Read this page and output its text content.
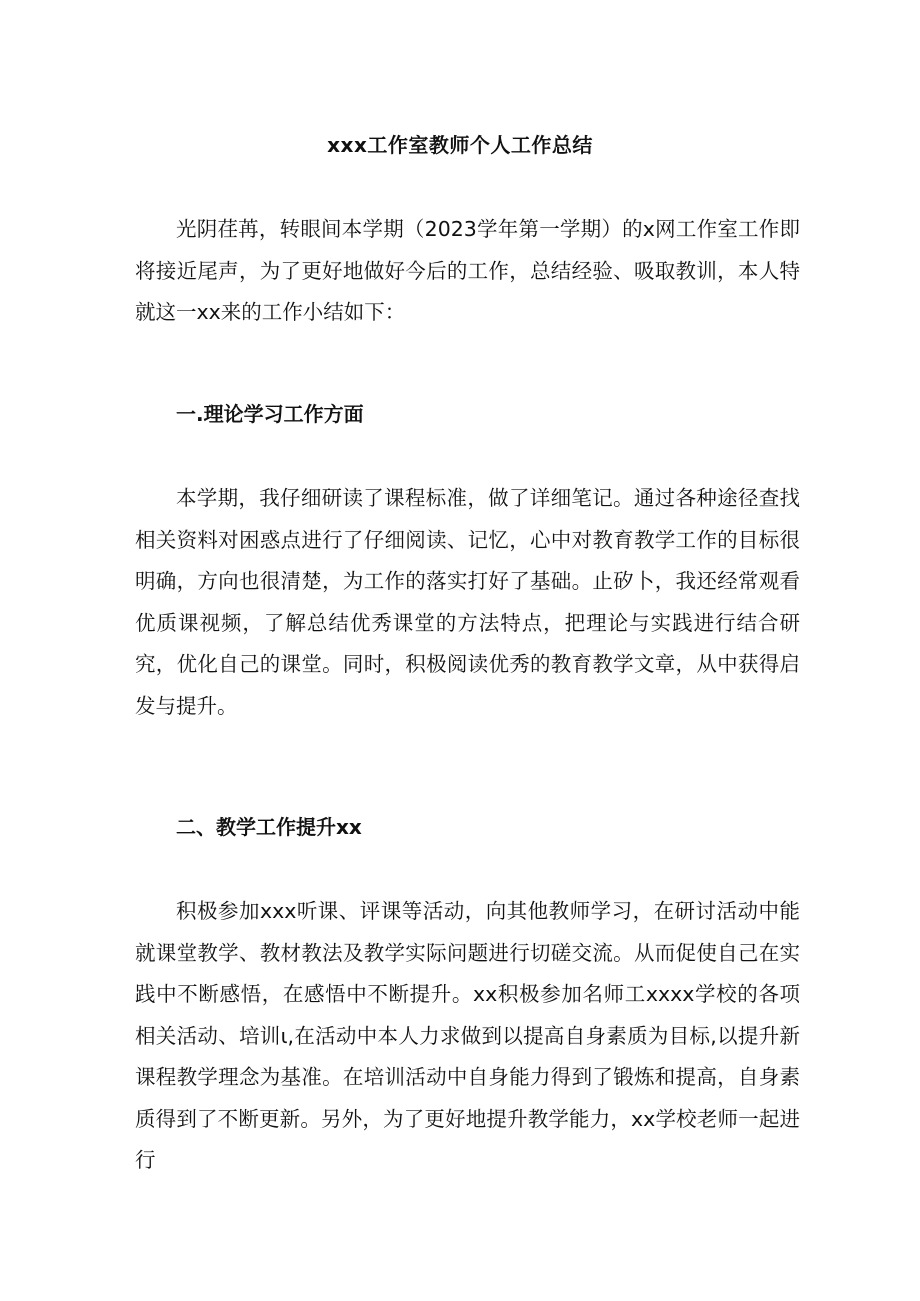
xxx工作室教师个人工作总结

光阴荏苒，转眼间本学期（2023学年第一学期）的x网工作室工作即将接近尾声，为了更好地做好今后的工作，总结经验、吸取教训，本人特就这一xx来的工作小结如下：

一.理论学习工作方面

本学期，我仔细研读了课程标准，做了详细笔记。通过各种途径查找相关资料对困惑点进行了仔细阅读、记忆，心中对教育教学工作的目标很明确，方向也很清楚，为工作的落实打好了基础。止矽卜，我还经常观看优质课视频，了解总结优秀课堂的方法特点，把理论与实践进行结合研究，优化自己的课堂。同时，积极阅读优秀的教育教学文章，从中获得启发与提升。

二、教学工作提升xx

积极参加xxx听课、评课等活动，向其他教师学习，在研讨活动中能就课堂教学、教材教法及教学实际问题进行切磋交流。从而促使自己在实践中不断感悟，在感悟中不断提升。xx积极参加名师工xxxx学校的各项相关活动、培训ι,在活动中本人力求做到以提高自身素质为目标,以提升新课程教学理念为基准。在培训活动中自身能力得到了锻炼和提高，自身素质得到了不断更新。另外，为了更好地提升教学能力，xx学校老师一起进行
